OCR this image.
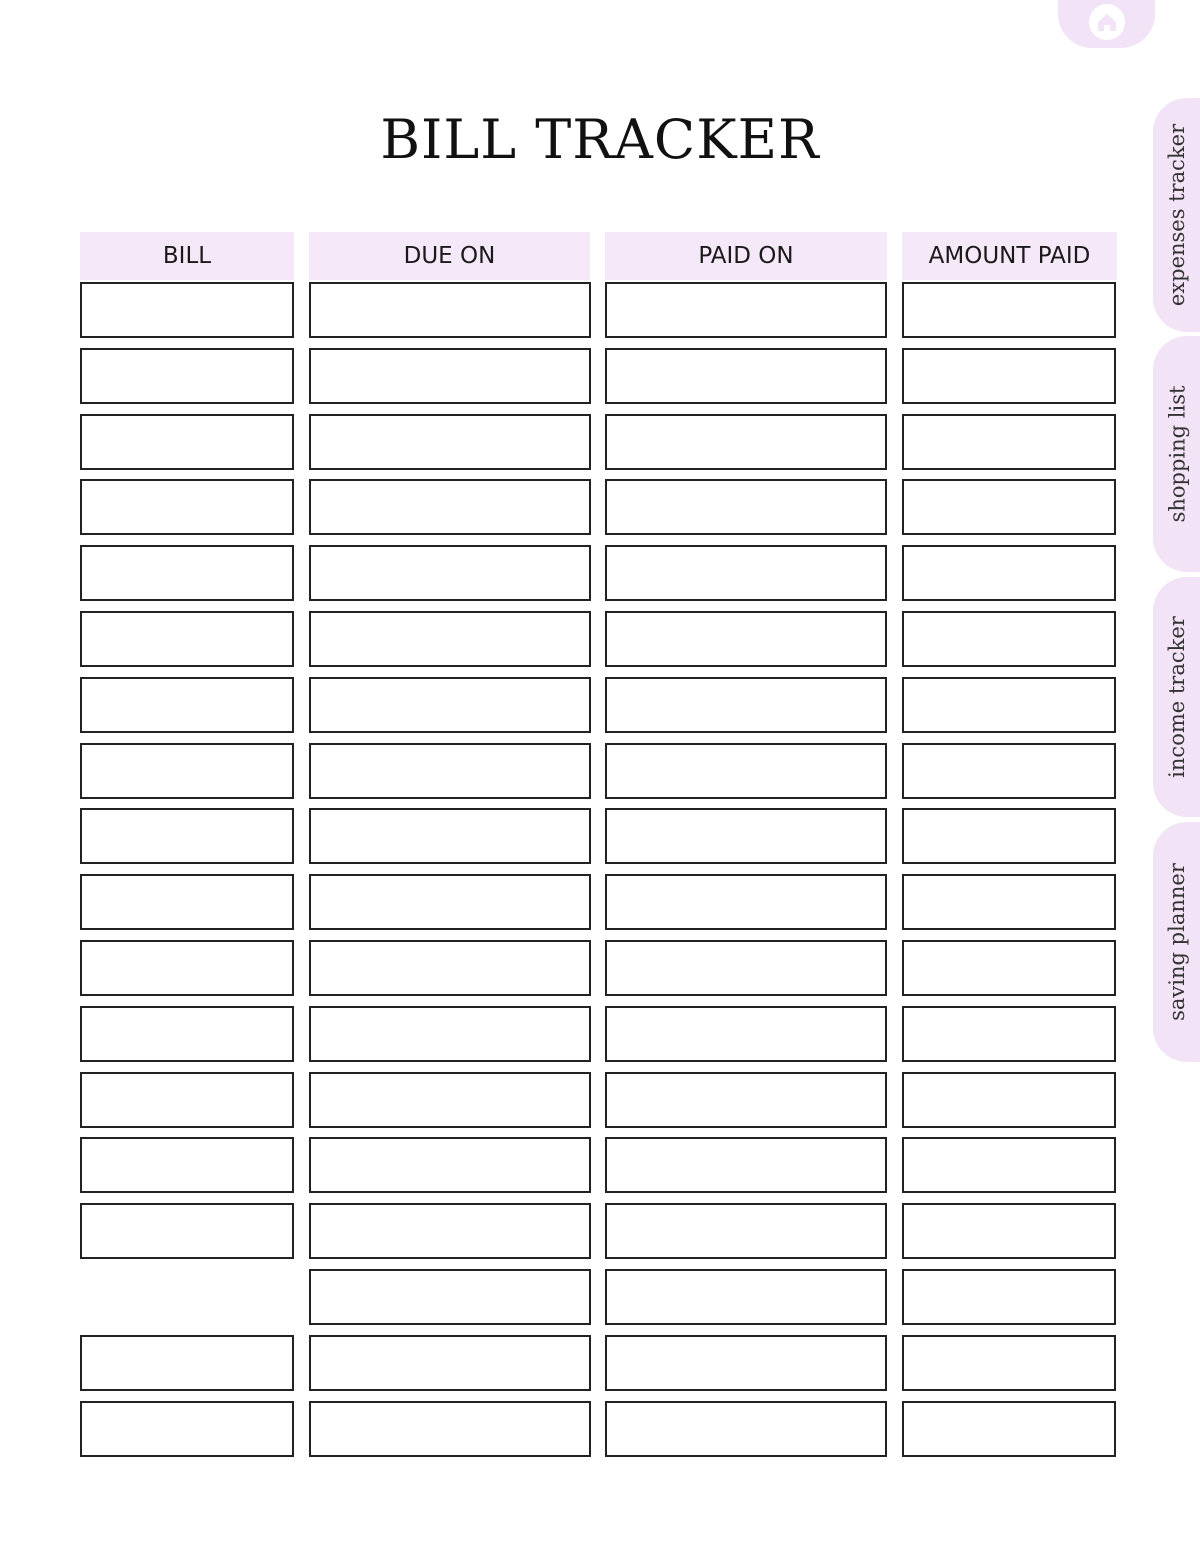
BILL TRACKER	expenses tracker
shopping list
income tracker
saving planner
BILL	DUE ON	PAID ON	AMOUNT PAID
